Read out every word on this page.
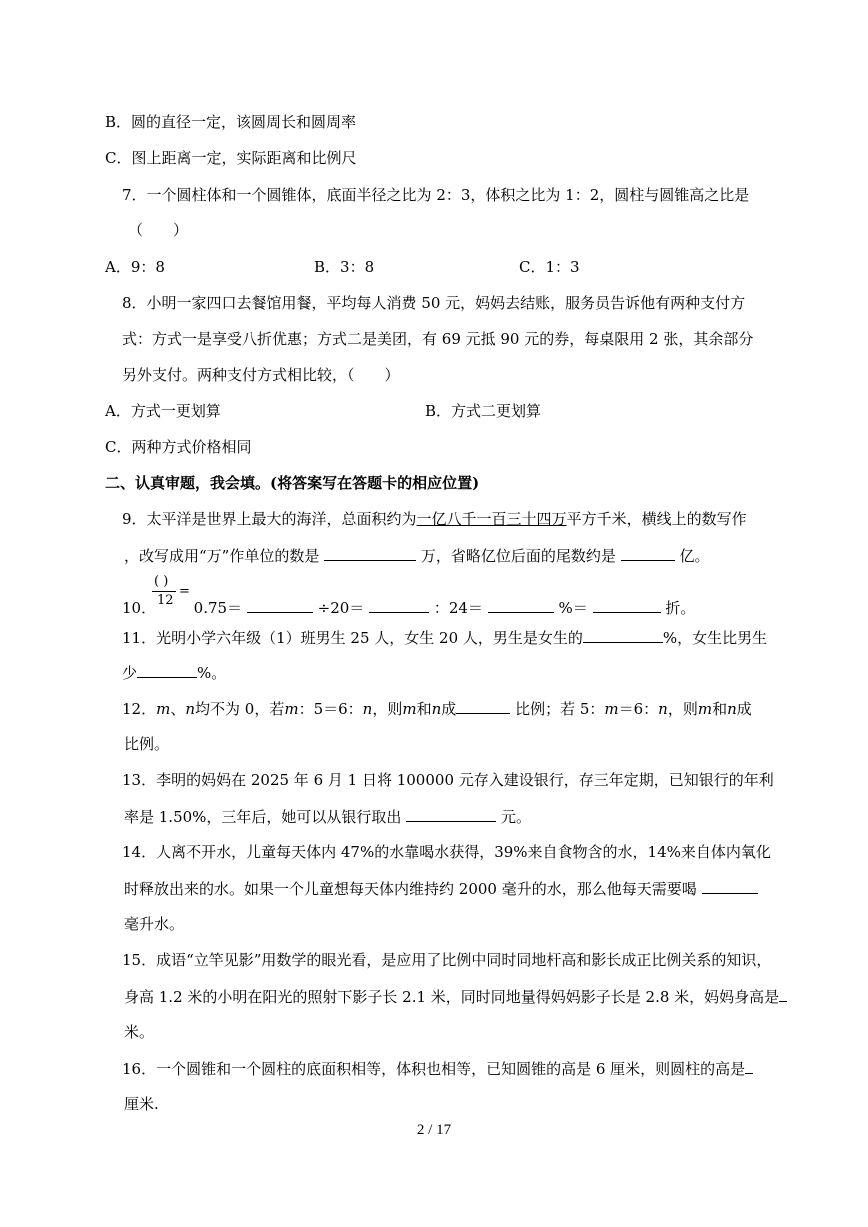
B．圆的直径一定，该圆周长和圆周率
C．图上距离一定，实际距离和比例尺
7．一个圆柱体和一个圆锥体，底面半径之比为 2：3，体积之比为 1：2，圆柱与圆锥高之比是
（　　）
A．9：8	B．3：8	C．1：3
8．小明一家四口去餐馆用餐，平均每人消费 50 元，妈妈去结账，服务员告诉他有两种支付方
式：方式一是享受八折优惠；方式二是美团，有 69 元抵 90 元的券，每桌限用 2 张，其余部分
另外支付。两种支付方式相比较，（　　）
A．方式一更划算	B．方式二更划算
C．两种方式价格相同
二、认真审题，我会填。(将答案写在答题卡的相应位置)
9．太平洋是世界上最大的海洋，总面积约为一亿八千一百三十四万平方千米，横线上的数写作
，改写成用“万”作单位的数是	万，省略亿位后面的尾数约是	亿。
( )
12
=
10．	0.75＝	÷20＝	：24＝	%＝	折。
11．光明小学六年级（1）班男生 25 人，女生 20 人，男生是女生的	%，女生比男生
少	%。
12．m、n均不为 0，若m：5＝6：n，则m和n成	比例；若 5：m＝6：n，则m和n成
比例。
13．李明的妈妈在 2025 年 6 月 1 日将 100000 元存入建设银行，存三年定期，已知银行的年利
率是 1.50%，三年后，她可以从银行取出	元。
14．人离不开水，儿童每天体内 47%的水靠喝水获得，39%来自食物含的水，14%来自体内氧化
时释放出来的水。如果一个儿童想每天体内维持约 2000 毫升的水，那么他每天需要喝
毫升水。
15．成语“立竿见影”用数学的眼光看，是应用了比例中同时同地杆高和影长成正比例关系的知识，
身高 1.2 米的小明在阳光的照射下影子长 2.1 米，同时同地量得妈妈影子长是 2.8 米，妈妈身高是
米。
16．一个圆锥和一个圆柱的底面积相等，体积也相等，已知圆锥的高是 6 厘米，则圆柱的高是
厘米.
2 / 17
